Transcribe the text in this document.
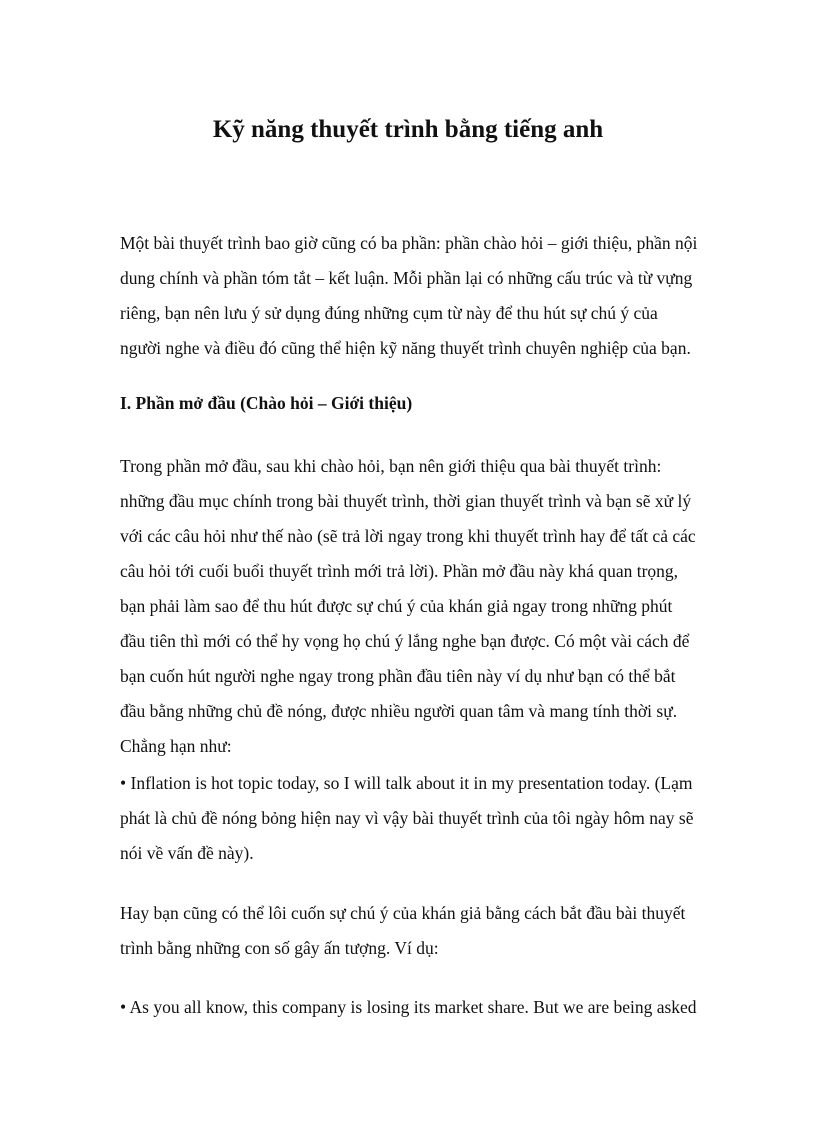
Kỹ năng thuyết trình bằng tiếng anh

Một bài thuyết trình bao giờ cũng có ba phần: phần chào hỏi – giới thiệu, phần nội
dung chính và phần tóm tắt – kết luận. Mỗi phần lại có những cấu trúc và từ vựng
riêng, bạn nên lưu ý sử dụng đúng những cụm từ này để thu hút sự chú ý của
người nghe và điều đó cũng thể hiện kỹ năng thuyết trình chuyên nghiệp của bạn.

I. Phần mở đầu (Chào hỏi – Giới thiệu)

Trong phần mở đầu, sau khi chào hỏi, bạn nên giới thiệu qua bài thuyết trình:
những đầu mục chính trong bài thuyết trình, thời gian thuyết trình và bạn sẽ xử lý
với các câu hỏi như thế nào (sẽ trả lời ngay trong khi thuyết trình hay để tất cả các
câu hỏi tới cuối buổi thuyết trình mới trả lời). Phần mở đầu này khá quan trọng,
bạn phải làm sao để thu hút được sự chú ý của khán giả ngay trong những phút
đầu tiên thì mới có thể hy vọng họ chú ý lắng nghe bạn được. Có một vài cách để
bạn cuốn hút người nghe ngay trong phần đầu tiên này ví dụ như bạn có thể bắt
đầu bằng những chủ đề nóng, được nhiều người quan tâm và mang tính thời sự.
Chẳng hạn như:

• Inflation is hot topic today, so I will talk about it in my presentation today. (Lạm
phát là chủ đề nóng bỏng hiện nay vì vậy bài thuyết trình của tôi ngày hôm nay sẽ
nói về vấn đề này).

Hay bạn cũng có thể lôi cuốn sự chú ý của khán giả bằng cách bắt đầu bài thuyết
trình bằng những con số gây ấn tượng. Ví dụ:

• As you all know, this company is losing its market share. But we are being asked
